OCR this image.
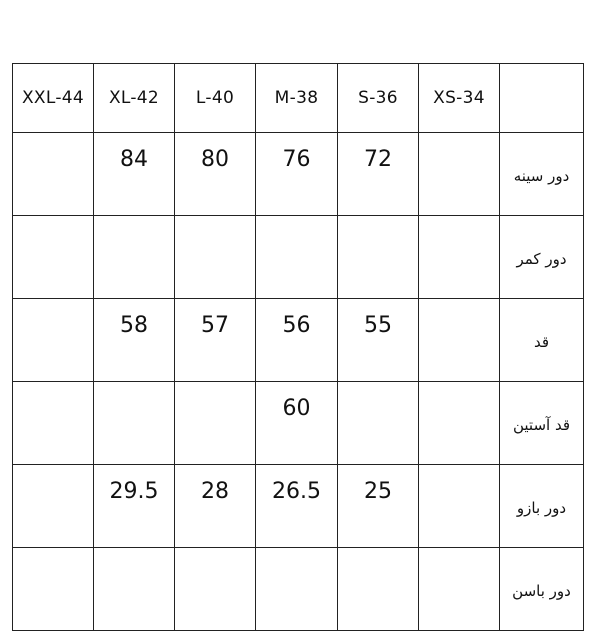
XXL-44	XL-42	L-40	M-38	S-36	XS-34	
	84	80	76	72		دور سینه
						دور کمر
	58	57	56	55		قد
			60			قد آستین
	29.5	28	26.5	25		دور بازو
						دور باسن
